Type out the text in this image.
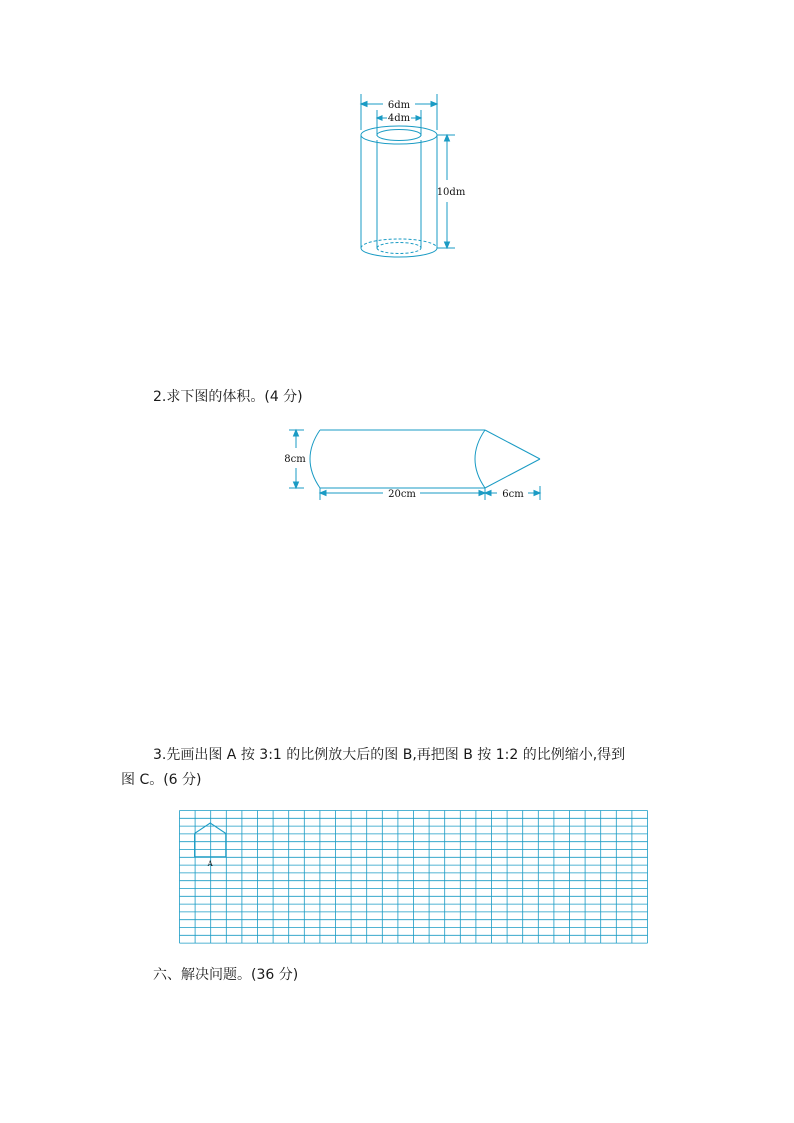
6dm
4dm
10dm
2.求下图的体积。(4 分)
8cm
20cm	6cm
3.先画出图 A 按 3:1 的比例放大后的图 B,再把图 B 按 1:2 的比例缩小,得到
图 C。(6 分)
A
六、解决问题。(36 分)
